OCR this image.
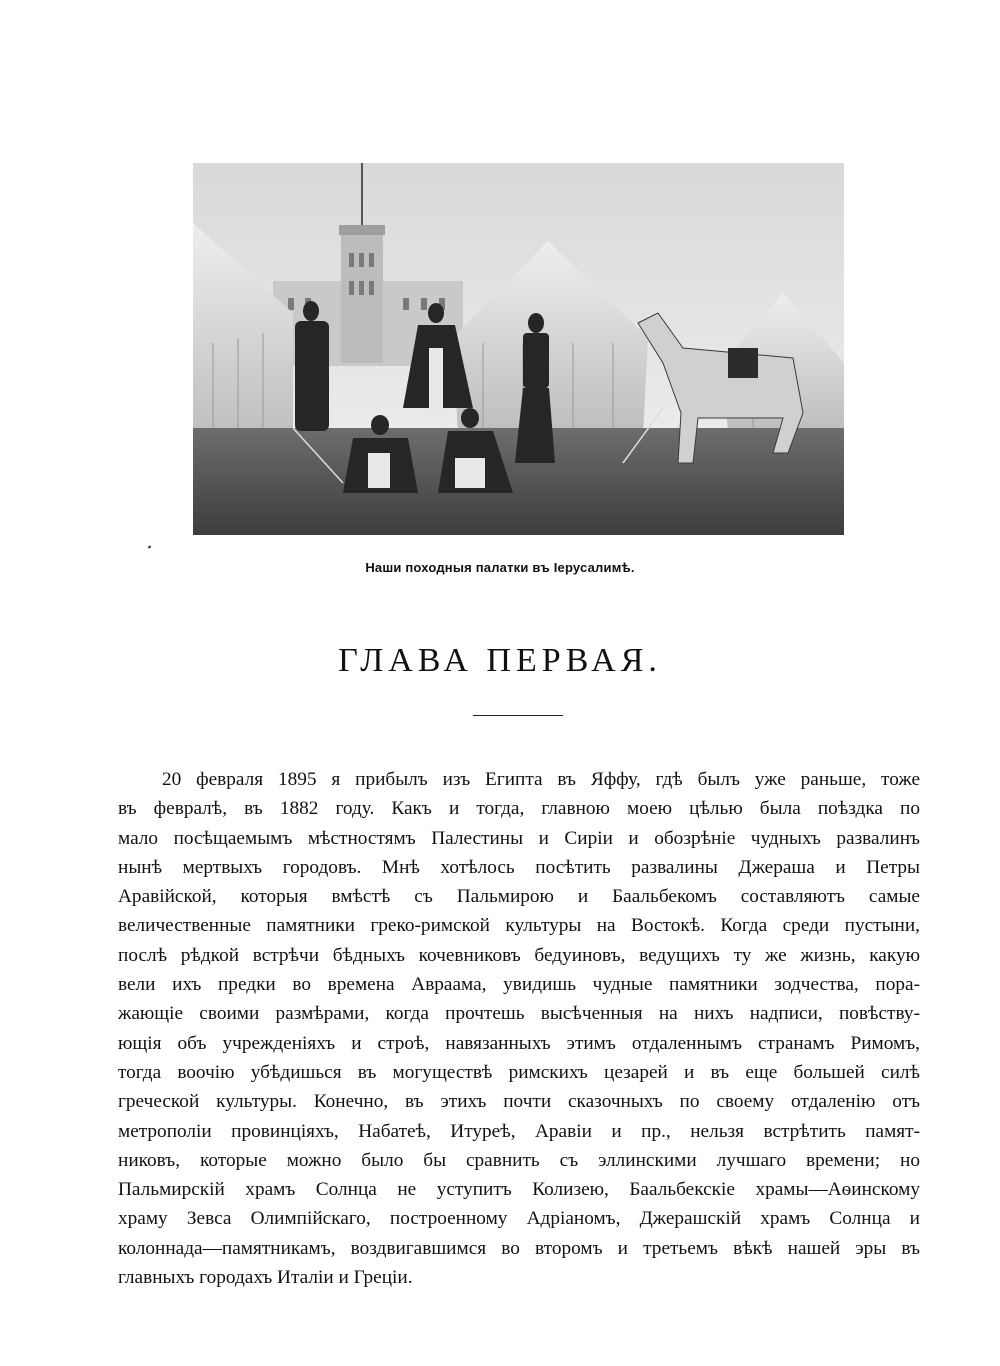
Наши походныя палатки въ Іерусалимѣ.
ГЛАВА ПЕРВАЯ.
20 февраля 1895 я прибылъ изъ Египта въ Яффу, гдѣ былъ уже раньше, тоже
въ февралѣ, въ 1882 году. Какъ и тогда, главною моею цѣлью была поѣздка по
мало посѣщаемымъ мѣстностямъ Палестины и Сиріи и обозрѣніе чудныхъ развалинъ
нынѣ мертвыхъ городовъ. Мнѣ хотѣлось посѣтить развалины Джераша и Петры
Аравійской, которыя вмѣстѣ съ Пальмирою и Баальбекомъ составляютъ самые
величественные памятники греко-римской культуры на Востокѣ. Когда среди пустыни,
послѣ рѣдкой встрѣчи бѣдныхъ кочевниковъ бедуиновъ, ведущихъ ту же жизнь, какую
вели ихъ предки во времена Авраама, увидишь чудные памятники зодчества, пора-
жающіе своими размѣрами, когда прочтешь высѣченныя на нихъ надписи, повѣству-
ющія объ учрежденіяхъ и строѣ, навязанныхъ этимъ отдаленнымъ странамъ Римомъ,
тогда воочію убѣдишься въ могуществѣ римскихъ цезарей и въ еще большей силѣ
греческой культуры. Конечно, въ этихъ почти сказочныхъ по своему отдаленію отъ
метрополіи провинціяхъ, Набатеѣ, Итуреѣ, Аравіи и пр., нельзя встрѣтить памят-
никовъ, которые можно было бы сравнить съ эллинскими лучшаго времени; но
Пальмирскій храмъ Солнца не уступитъ Колизею, Баальбекскіе храмы—Аѳинскому
храму Зевса Олимпійскаго, построенному Адріаномъ, Джерашскій храмъ Солнца и
колоннада—памятникамъ, воздвигавшимся во второмъ и третьемъ вѣкѣ нашей эры въ
главныхъ городахъ Италіи и Греціи.
